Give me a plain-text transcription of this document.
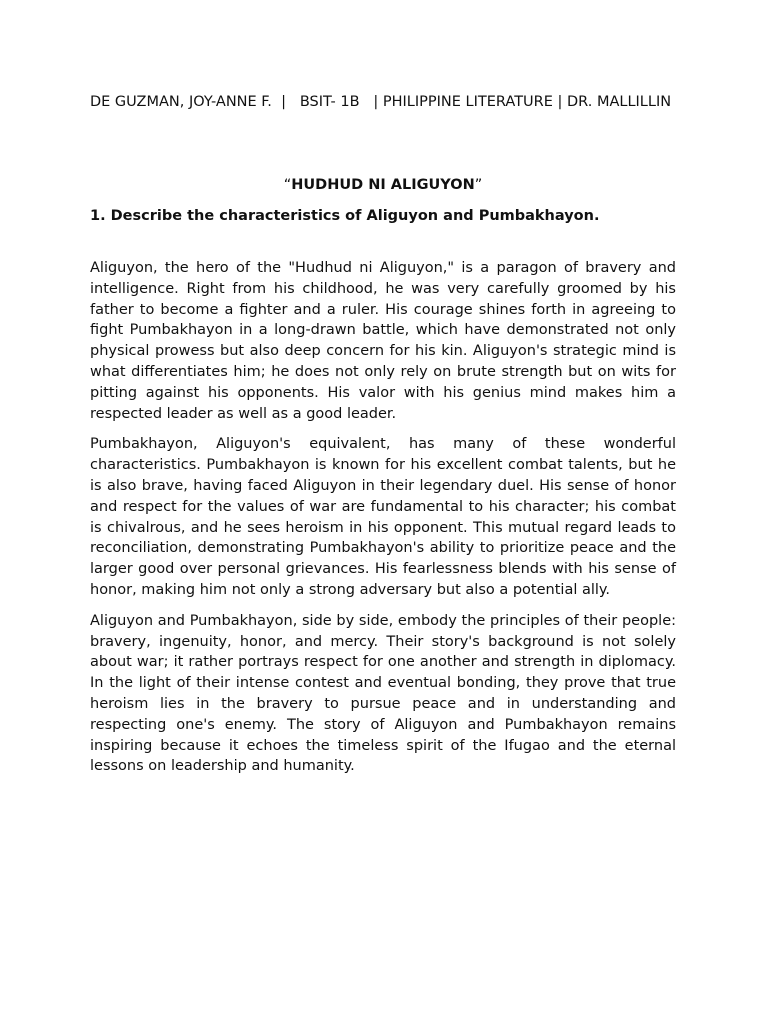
DE GUZMAN, JOY-ANNE F.  |   BSIT- 1B   | PHILIPPINE LITERATURE | DR. MALLILLIN
“HUDHUD NI ALIGUYON”
1. Describe the characteristics of Aliguyon and Pumbakhayon.

Aliguyon, the hero of the "Hudhud ni Aliguyon," is a paragon of bravery and intelligence. Right from his childhood, he was very carefully groomed by his father to become a fighter and a ruler. His courage shines forth in agreeing to fight Pumbakhayon in a long-drawn battle, which have demonstrated not only physical prowess but also deep concern for his kin. Aliguyon's strategic mind is what differentiates him; he does not only rely on brute strength but on wits for pitting against his opponents. His valor with his genius mind makes him a respected leader as well as a good leader.

Pumbakhayon, Aliguyon's equivalent, has many of these wonderful characteristics. Pumbakhayon is known for his excellent combat talents, but he is also brave, having faced Aliguyon in their legendary duel. His sense of honor and respect for the values of war are fundamental to his character; his combat is chivalrous, and he sees heroism in his opponent. This mutual regard leads to reconciliation, demonstrating Pumbakhayon's ability to prioritize peace and the larger good over personal grievances. His fearlessness blends with his sense of honor, making him not only a strong adversary but also a potential ally.

Aliguyon and Pumbakhayon, side by side, embody the principles of their people: bravery, ingenuity, honor, and mercy. Their story's background is not solely about war; it rather portrays respect for one another and strength in diplomacy. In the light of their intense contest and eventual bonding, they prove that true heroism lies in the bravery to pursue peace and in understanding and respecting one's enemy. The story of Aliguyon and Pumbakhayon remains inspiring because it echoes the timeless spirit of the Ifugao and the eternal lessons on leadership and humanity.
